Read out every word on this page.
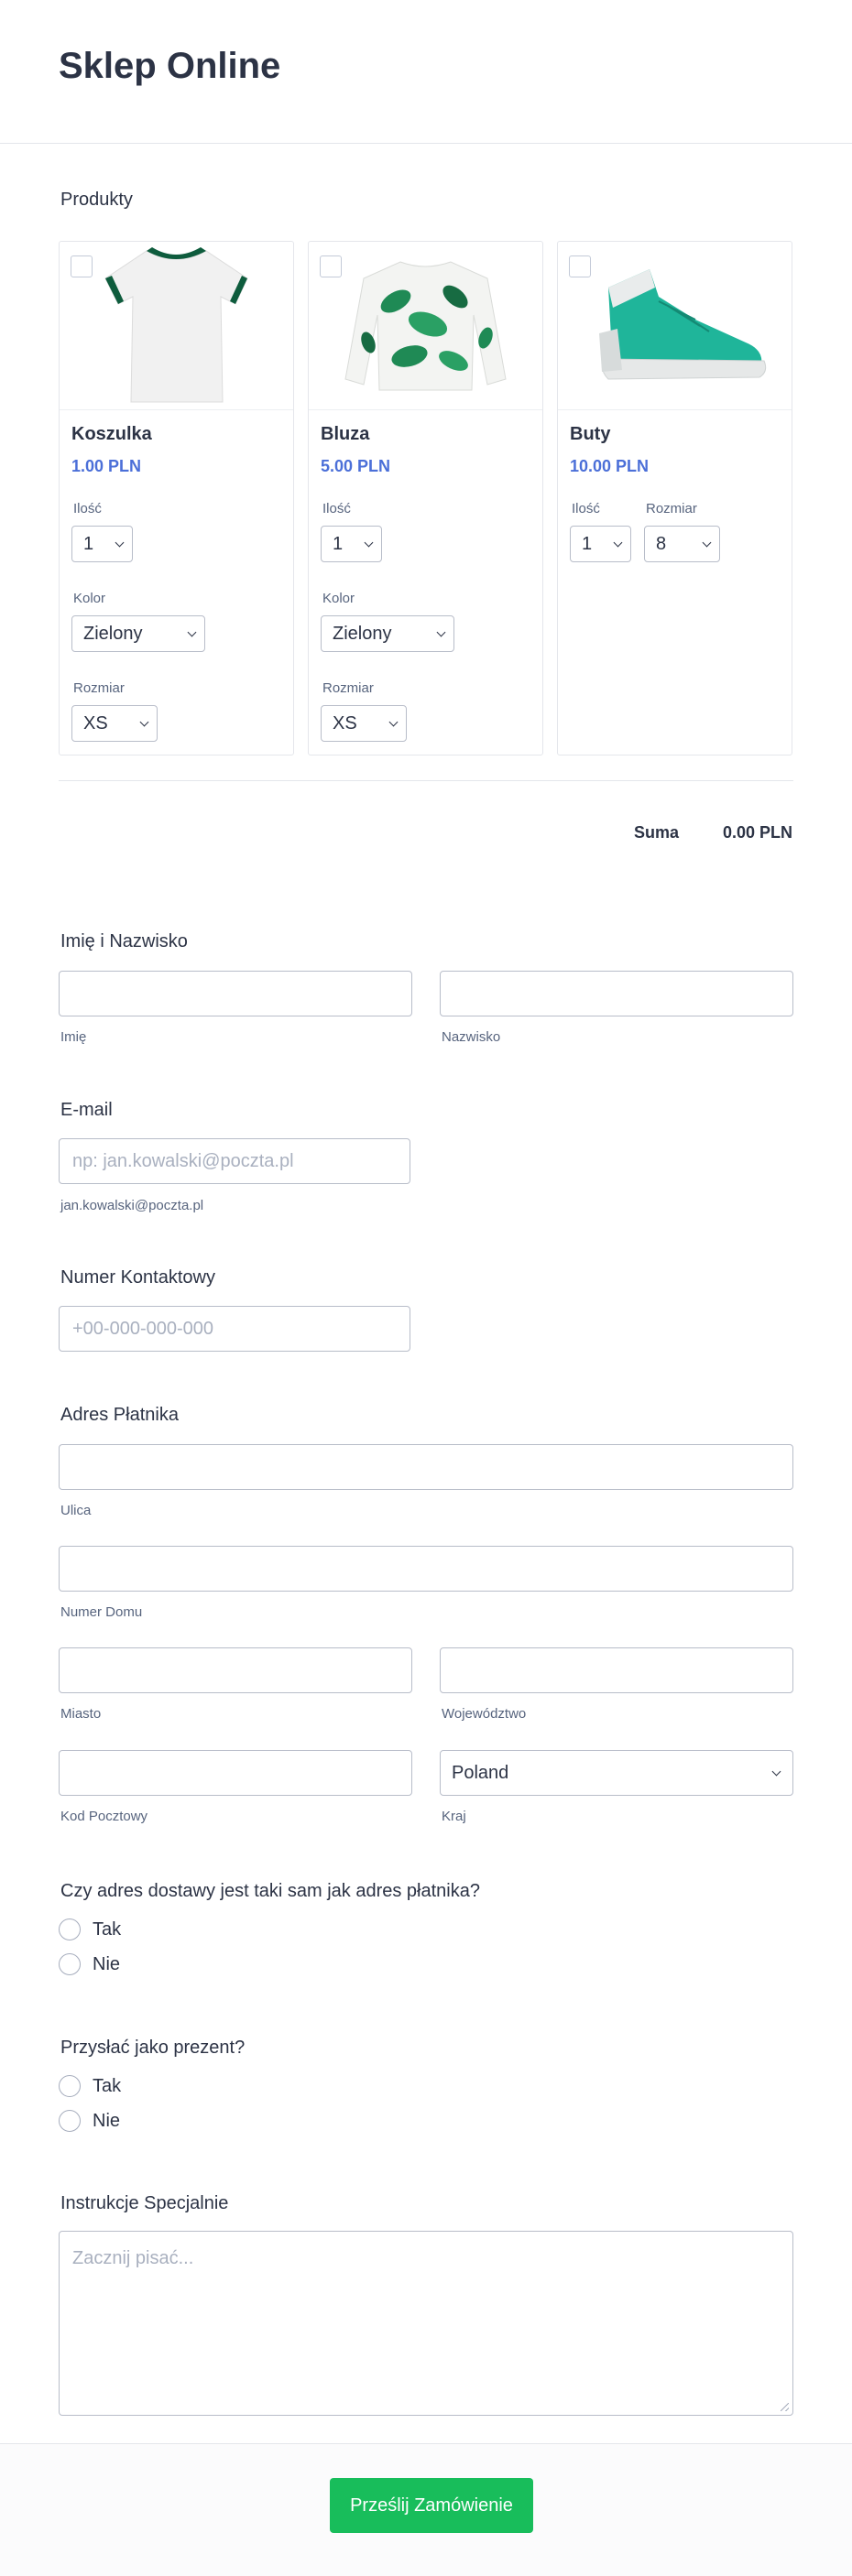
Sklep Online
Produkty
Koszulka
1.00 PLN
Ilość
1
Kolor
Zielony
Rozmiar
XS
Bluza
5.00 PLN
Ilość
1
Kolor
Zielony
Rozmiar
XS
Buty
10.00 PLN
Ilość
1
Rozmiar
8
Suma	0.00 PLN
Imię i Nazwisko
Imię	Nazwisko
E-mail
np: jan.kowalski@poczta.pl
jan.kowalski@poczta.pl
Numer Kontaktowy
+00-000-000-000
Adres Płatnika
Ulica
Numer Domu
Miasto	Województwo
Poland
Kod Pocztowy	Kraj
Czy adres dostawy jest taki sam jak adres płatnika?
Tak
Nie
Przysłać jako prezent?
Tak
Nie
Instrukcje Specjalnie
Zacznij pisać...
Prześlij Zamówienie
